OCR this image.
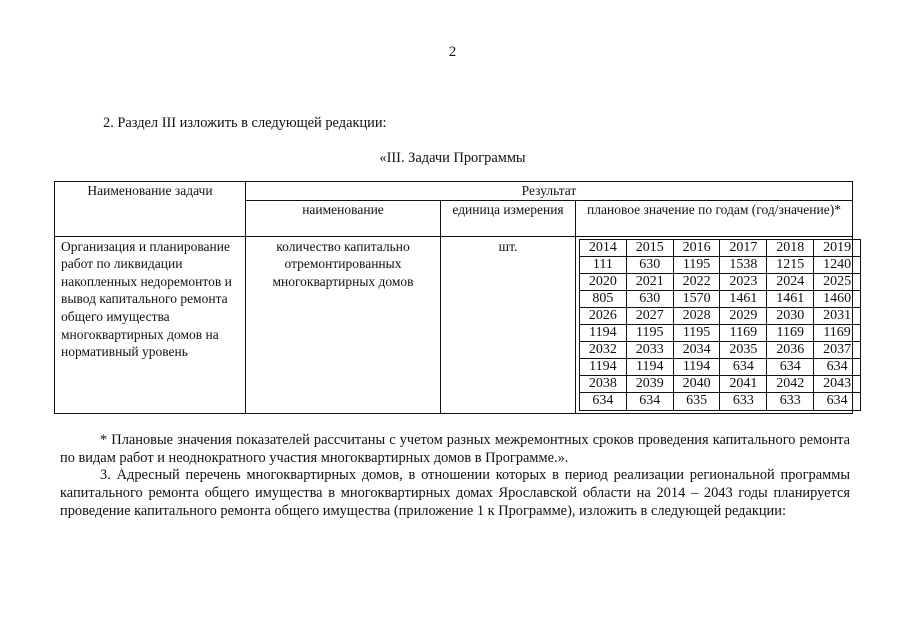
2
2. Раздел III изложить в следующей редакции:
«III. Задачи Программы
Наименование задачи	Результат
наименование	единица измерения	плановое значение по годам (год/значение)*
Организация и планирование работ по ликвидации накопленных недоремонтов и вывод капитального ремонта общего имущества многоквартирных домов на нормативный уровень	количество капитально отремонтированных многоквартирных домов	шт.		2014	2015	2016	2017	2018	2019
111	630	1195	1538	1215	1240
2020	2021	2022	2023	2024	2025
805	630	1570	1461	1461	1460
2026	2027	2028	2029	2030	2031
1194	1195	1195	1169	1169	1169
2032	2033	2034	2035	2036	2037
1194	1194	1194	634	634	634
2038	2039	2040	2041	2042	2043
634	634	635	633	633	634
* Плановые значения показателей рассчитаны с учетом разных межремонтных сроков проведения капитального ремонта по видам работ и неоднократного участия многоквартирных домов в Программе.».
3. Адресный перечень многоквартирных домов, в отношении которых в период реализации региональной программы капитального ремонта общего имущества в многоквартирных домах Ярославской области на 2014 – 2043 годы планируется проведение капитального ремонта общего имущества (приложение 1 к Программе), изложить в следующей редакции:
